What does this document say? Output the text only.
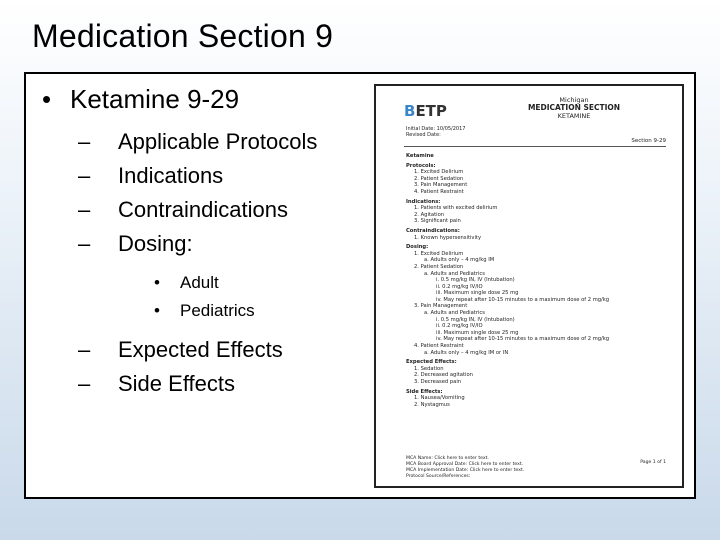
Medication Section 9
• Ketamine 9-29
–	Applicable Protocols
–	Indications
–	Contraindications
–	Dosing:
•	Adult
•	Pediatrics
–	Expected Effects
–	Side Effects
BETP
Michigan
MEDICATION SECTION
KETAMINE
Initial Date: 10/05/2017
Revised Date:
Section 9-29
Ketamine
Protocols:
1. Excited Delirium
2. Patient Sedation
3. Pain Management
4. Patient Restraint
Indications:
1. Patients with excited delirium
2. Agitation
3. Significant pain
Contraindications:
1. Known hypersensitivity
Dosing:
1. Excited Delirium
a. Adults only – 4 mg/kg IM
2. Patient Sedation
a. Adults and Pediatrics
i. 0.5 mg/kg IN, IV (Intubation)
ii. 0.2 mg/kg IV/IO
iii. Maximum single dose 25 mg
iv. May repeat after 10-15 minutes to a maximum dose of 2 mg/kg
3. Pain Management
a. Adults and Pediatrics
i. 0.5 mg/kg IN, IV (Intubation)
ii. 0.2 mg/kg IV/IO
iii. Maximum single dose 25 mg
iv. May repeat after 10-15 minutes to a maximum dose of 2 mg/kg
4. Patient Restraint
a. Adults only – 4 mg/kg IM or IN
Expected Effects:
1. Sedation
2. Decreased agitation
3. Decreased pain
Side Effects:
1. Nausea/Vomiting
2. Nystagmus
MCA Name: Click here to enter text.
MCA Board Approval Date: Click here to enter text.
MCA Implementation Date: Click here to enter text.
Protocol Source/References:
Page 1 of 1
